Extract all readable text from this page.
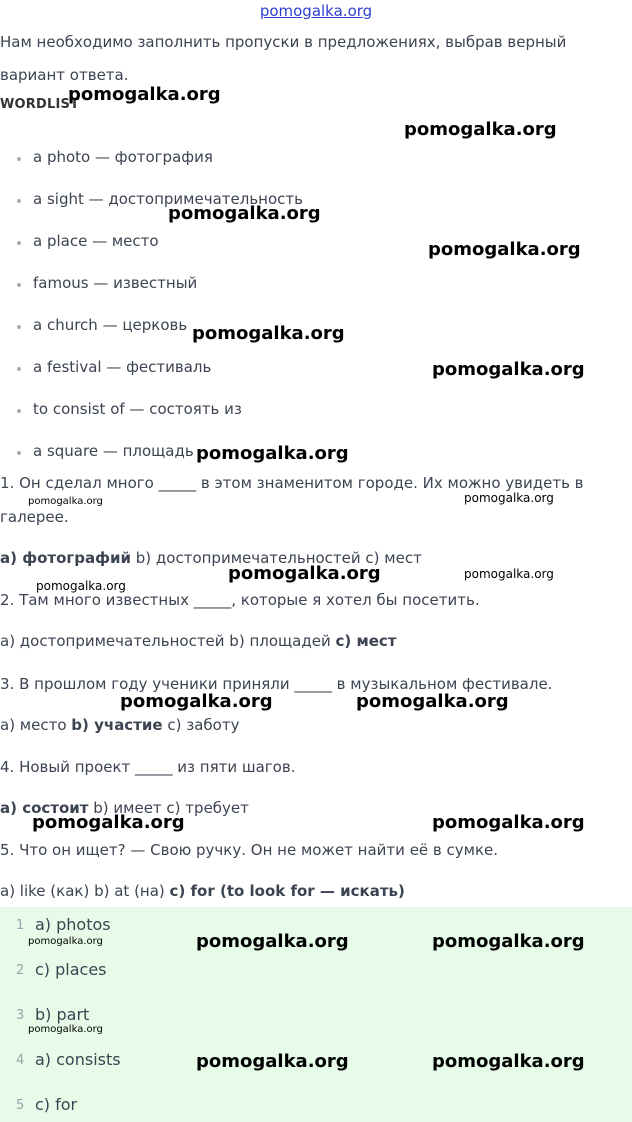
pomogalka.org
Нам необходимо заполнить пропуски в предложениях, выбрав верный
вариант ответа.
WORDLIST
a photo — фотография
a sight — достопримечательность
a place — место
famous — известный
a church — церковь
a festival — фестиваль
to consist of — состоять из
a square — площадь
1. Он сделал много _____ в этом знаменитом городе. Их можно увидеть в
галерее.
а) фотографий b) достопримечательностей c) мест
2. Там много известных _____, которые я хотел бы посетить.
а) достопримечательностей b) площадей c) мест
3. В прошлом году ученики приняли _____ в музыкальном фестивале.
а) место b) участие c) заботу
4. Новый проект _____ из пяти шагов.
а) состоит b) имеет c) требует
5. Что он ищет? — Свою ручку. Он не может найти её в сумке.
а) like (как) b) at (на) c) for (to look for — искать)
1 a) photos
2 c) places
3 b) part
4 a) consists
5 c) for
pomogalka.org
pomogalka.org
pomogalka.org
pomogalka.org
pomogalka.org
pomogalka.org
pomogalka.org
pomogalka.org
pomogalka.org	pomogalka.org
pomogalka.org	pomogalka.org
pomogalka.org	pomogalka.org
pomogalka.org	pomogalka.org
pomogalka.org	pomogalka.org
pomogalka.org
pomogalka.org
pomogalka.org
pomogalka.org
